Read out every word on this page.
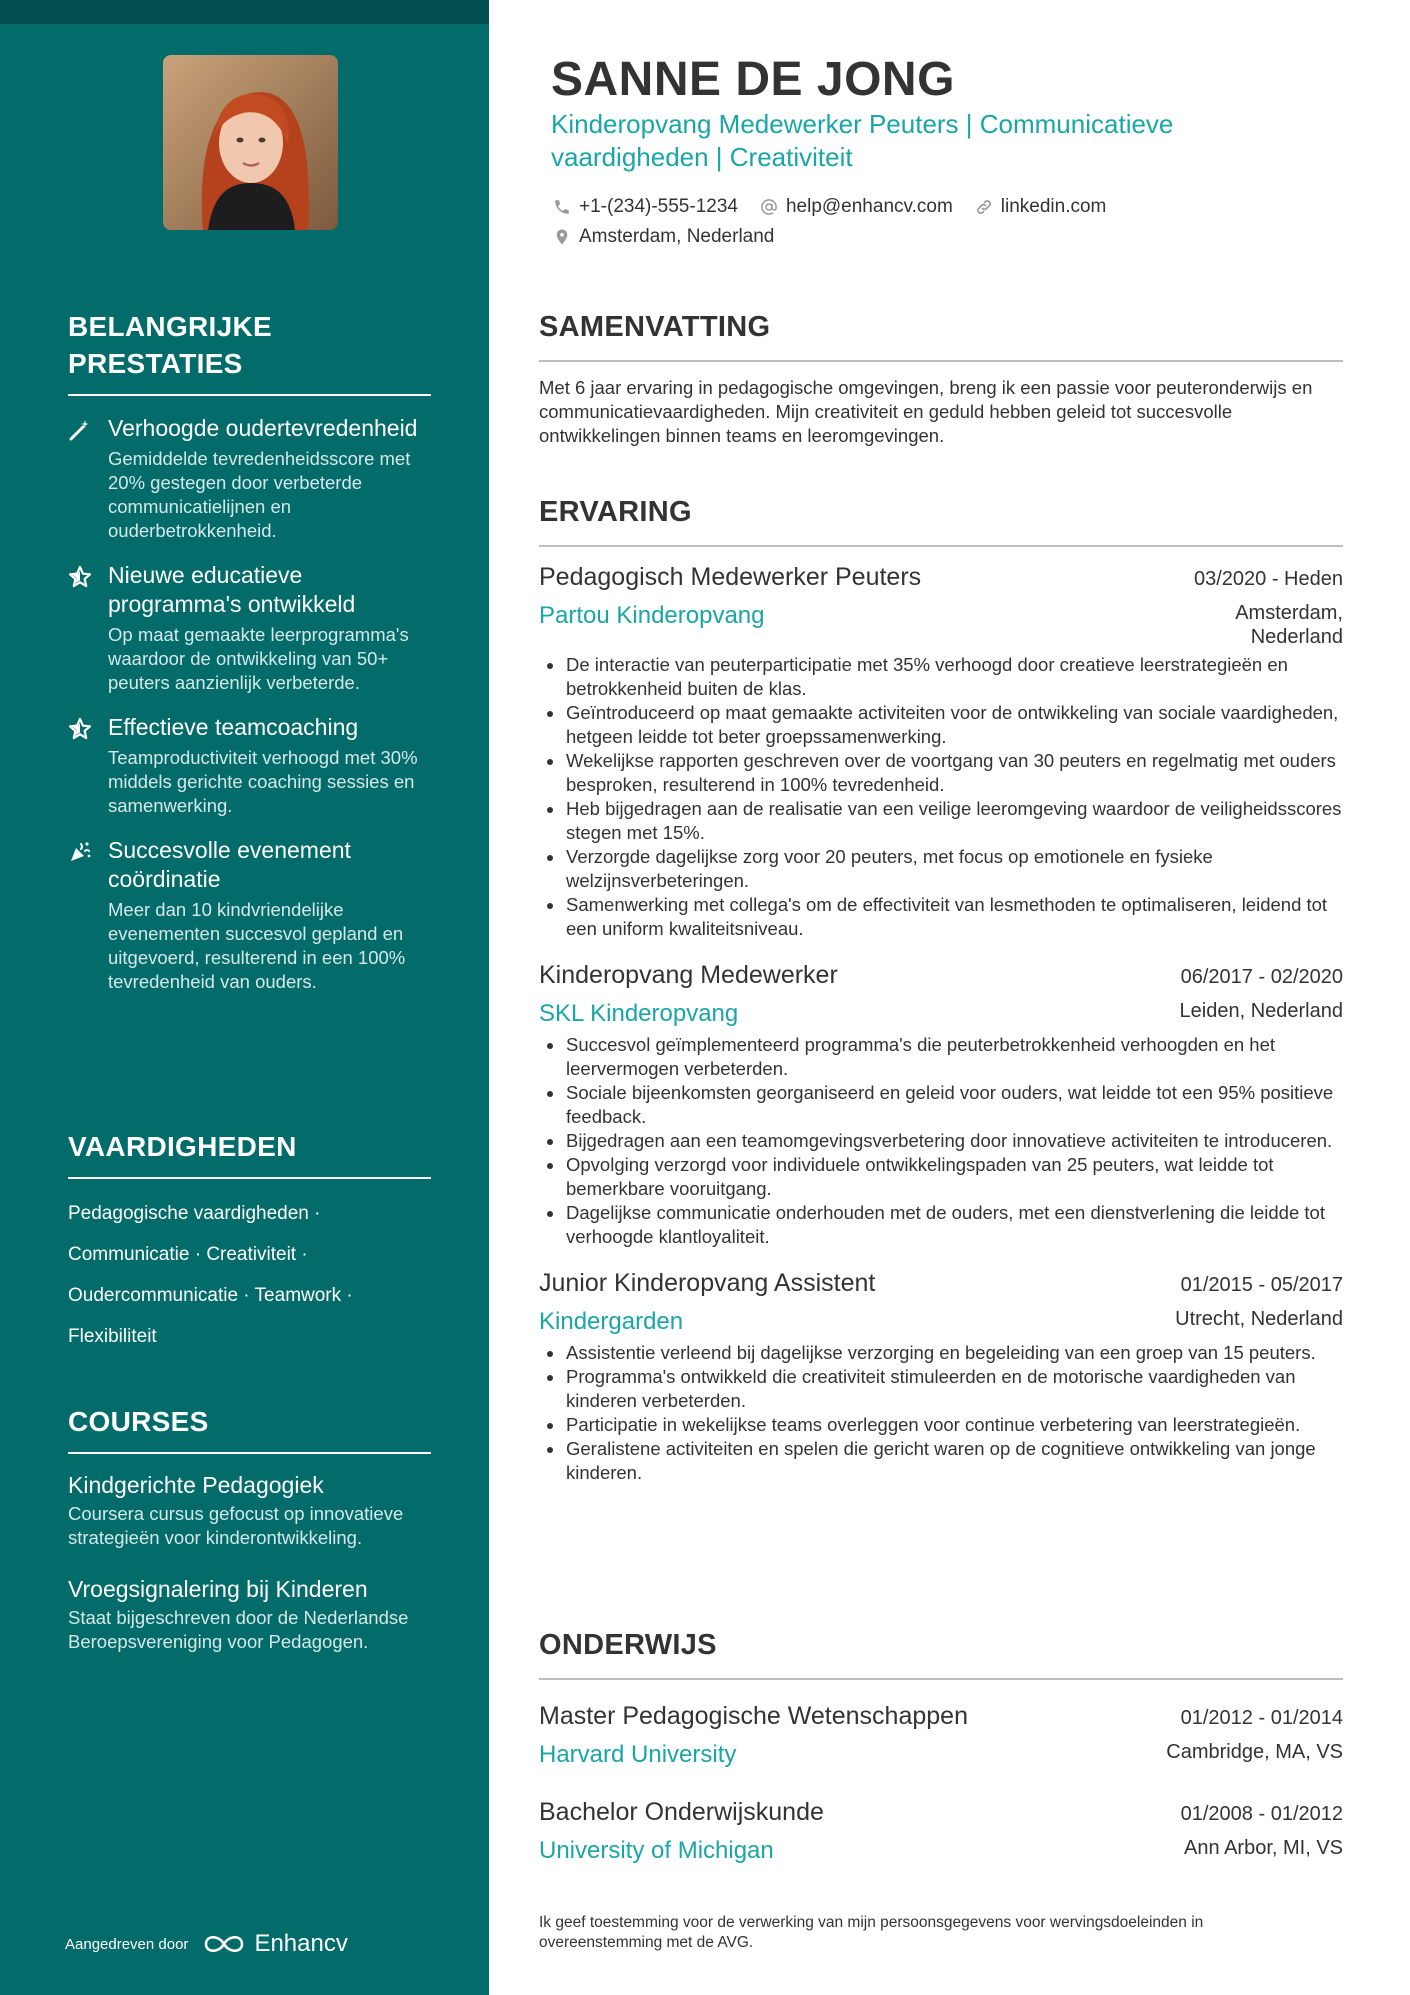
BELANGRIJKE PRESTATIES
Verhoogde oudertevredenheid
Gemiddelde tevredenheidsscore met 20% gestegen door verbeterde communicatielijnen en ouderbetrokkenheid.
Nieuwe educatieve programma's ontwikkeld
Op maat gemaakte leerprogramma's waardoor de ontwikkeling van 50+ peuters aanzienlijk verbeterde.
Effectieve teamcoaching
Teamproductiviteit verhoogd met 30% middels gerichte coaching sessies en samenwerking.
Succesvolle evenement coördinatie
Meer dan 10 kindvriendelijke evenementen succesvol gepland en uitgevoerd, resulterend in een 100% tevredenheid van ouders.
VAARDIGHEDEN
Pedagogische vaardigheden ·
Communicatie · Creativiteit ·
Oudercommunicatie · Teamwork ·
Flexibiliteit
COURSES
Kindgerichte Pedagogiek
Coursera cursus gefocust op innovatieve strategieën voor kinderontwikkeling.
Vroegsignalering bij Kinderen
Staat bijgeschreven door de Nederlandse Beroepsvereniging voor Pedagogen.
Aangedreven door	Enhancv
SANNE DE JONG
Kinderopvang Medewerker Peuters | Communicatieve vaardigheden | Creativiteit
+1-(234)-555-1234	help@enhancv.com	linkedin.com
Amsterdam, Nederland
SAMENVATTING

Met 6 jaar ervaring in pedagogische omgevingen, breng ik een passie voor peuteronderwijs en communicatievaardigheden. Mijn creativiteit en geduld hebben geleid tot succesvolle ontwikkelingen binnen teams en leeromgevingen.

ERVARING
Pedagogisch Medewerker Peuters	03/2020 - Heden
Partou Kinderopvang	Amsterdam, Nederland
De interactie van peuterparticipatie met 35% verhoogd door creatieve leerstrategieën en betrokkenheid buiten de klas.
Geïntroduceerd op maat gemaakte activiteiten voor de ontwikkeling van sociale vaardigheden, hetgeen leidde tot beter groepssamenwerking.
Wekelijkse rapporten geschreven over de voortgang van 30 peuters en regelmatig met ouders besproken, resulterend in 100% tevredenheid.
Heb bijgedragen aan de realisatie van een veilige leeromgeving waardoor de veiligheidsscores stegen met 15%.
Verzorgde dagelijkse zorg voor 20 peuters, met focus op emotionele en fysieke welzijnsverbeteringen.
Samenwerking met collega's om de effectiviteit van lesmethoden te optimaliseren, leidend tot een uniform kwaliteitsniveau.
Kinderopvang Medewerker	06/2017 - 02/2020
SKL Kinderopvang	Leiden, Nederland
Succesvol geïmplementeerd programma's die peuterbetrokkenheid verhoogden en het leervermogen verbeterden.
Sociale bijeenkomsten georganiseerd en geleid voor ouders, wat leidde tot een 95% positieve feedback.
Bijgedragen aan een teamomgevingsverbetering door innovatieve activiteiten te introduceren.
Opvolging verzorgd voor individuele ontwikkelingspaden van 25 peuters, wat leidde tot bemerkbare vooruitgang.
Dagelijkse communicatie onderhouden met de ouders, met een dienstverlening die leidde tot verhoogde klantloyaliteit.
Junior Kinderopvang Assistent	01/2015 - 05/2017
Kindergarden	Utrecht, Nederland
Assistentie verleend bij dagelijkse verzorging en begeleiding van een groep van 15 peuters.
Programma's ontwikkeld die creativiteit stimuleerden en de motorische vaardigheden van kinderen verbeterden.
Participatie in wekelijkse teams overleggen voor continue verbetering van leerstrategieën.
Geralistene activiteiten en spelen die gericht waren op de cognitieve ontwikkeling van jonge kinderen.
ONDERWIJS
Master Pedagogische Wetenschappen	01/2012 - 01/2014
Harvard University	Cambridge, MA, VS
Bachelor Onderwijskunde	01/2008 - 01/2012
University of Michigan	Ann Arbor, MI, VS

Ik geef toestemming voor de verwerking van mijn persoonsgegevens voor wervingsdoeleinden in overeenstemming met de AVG.
